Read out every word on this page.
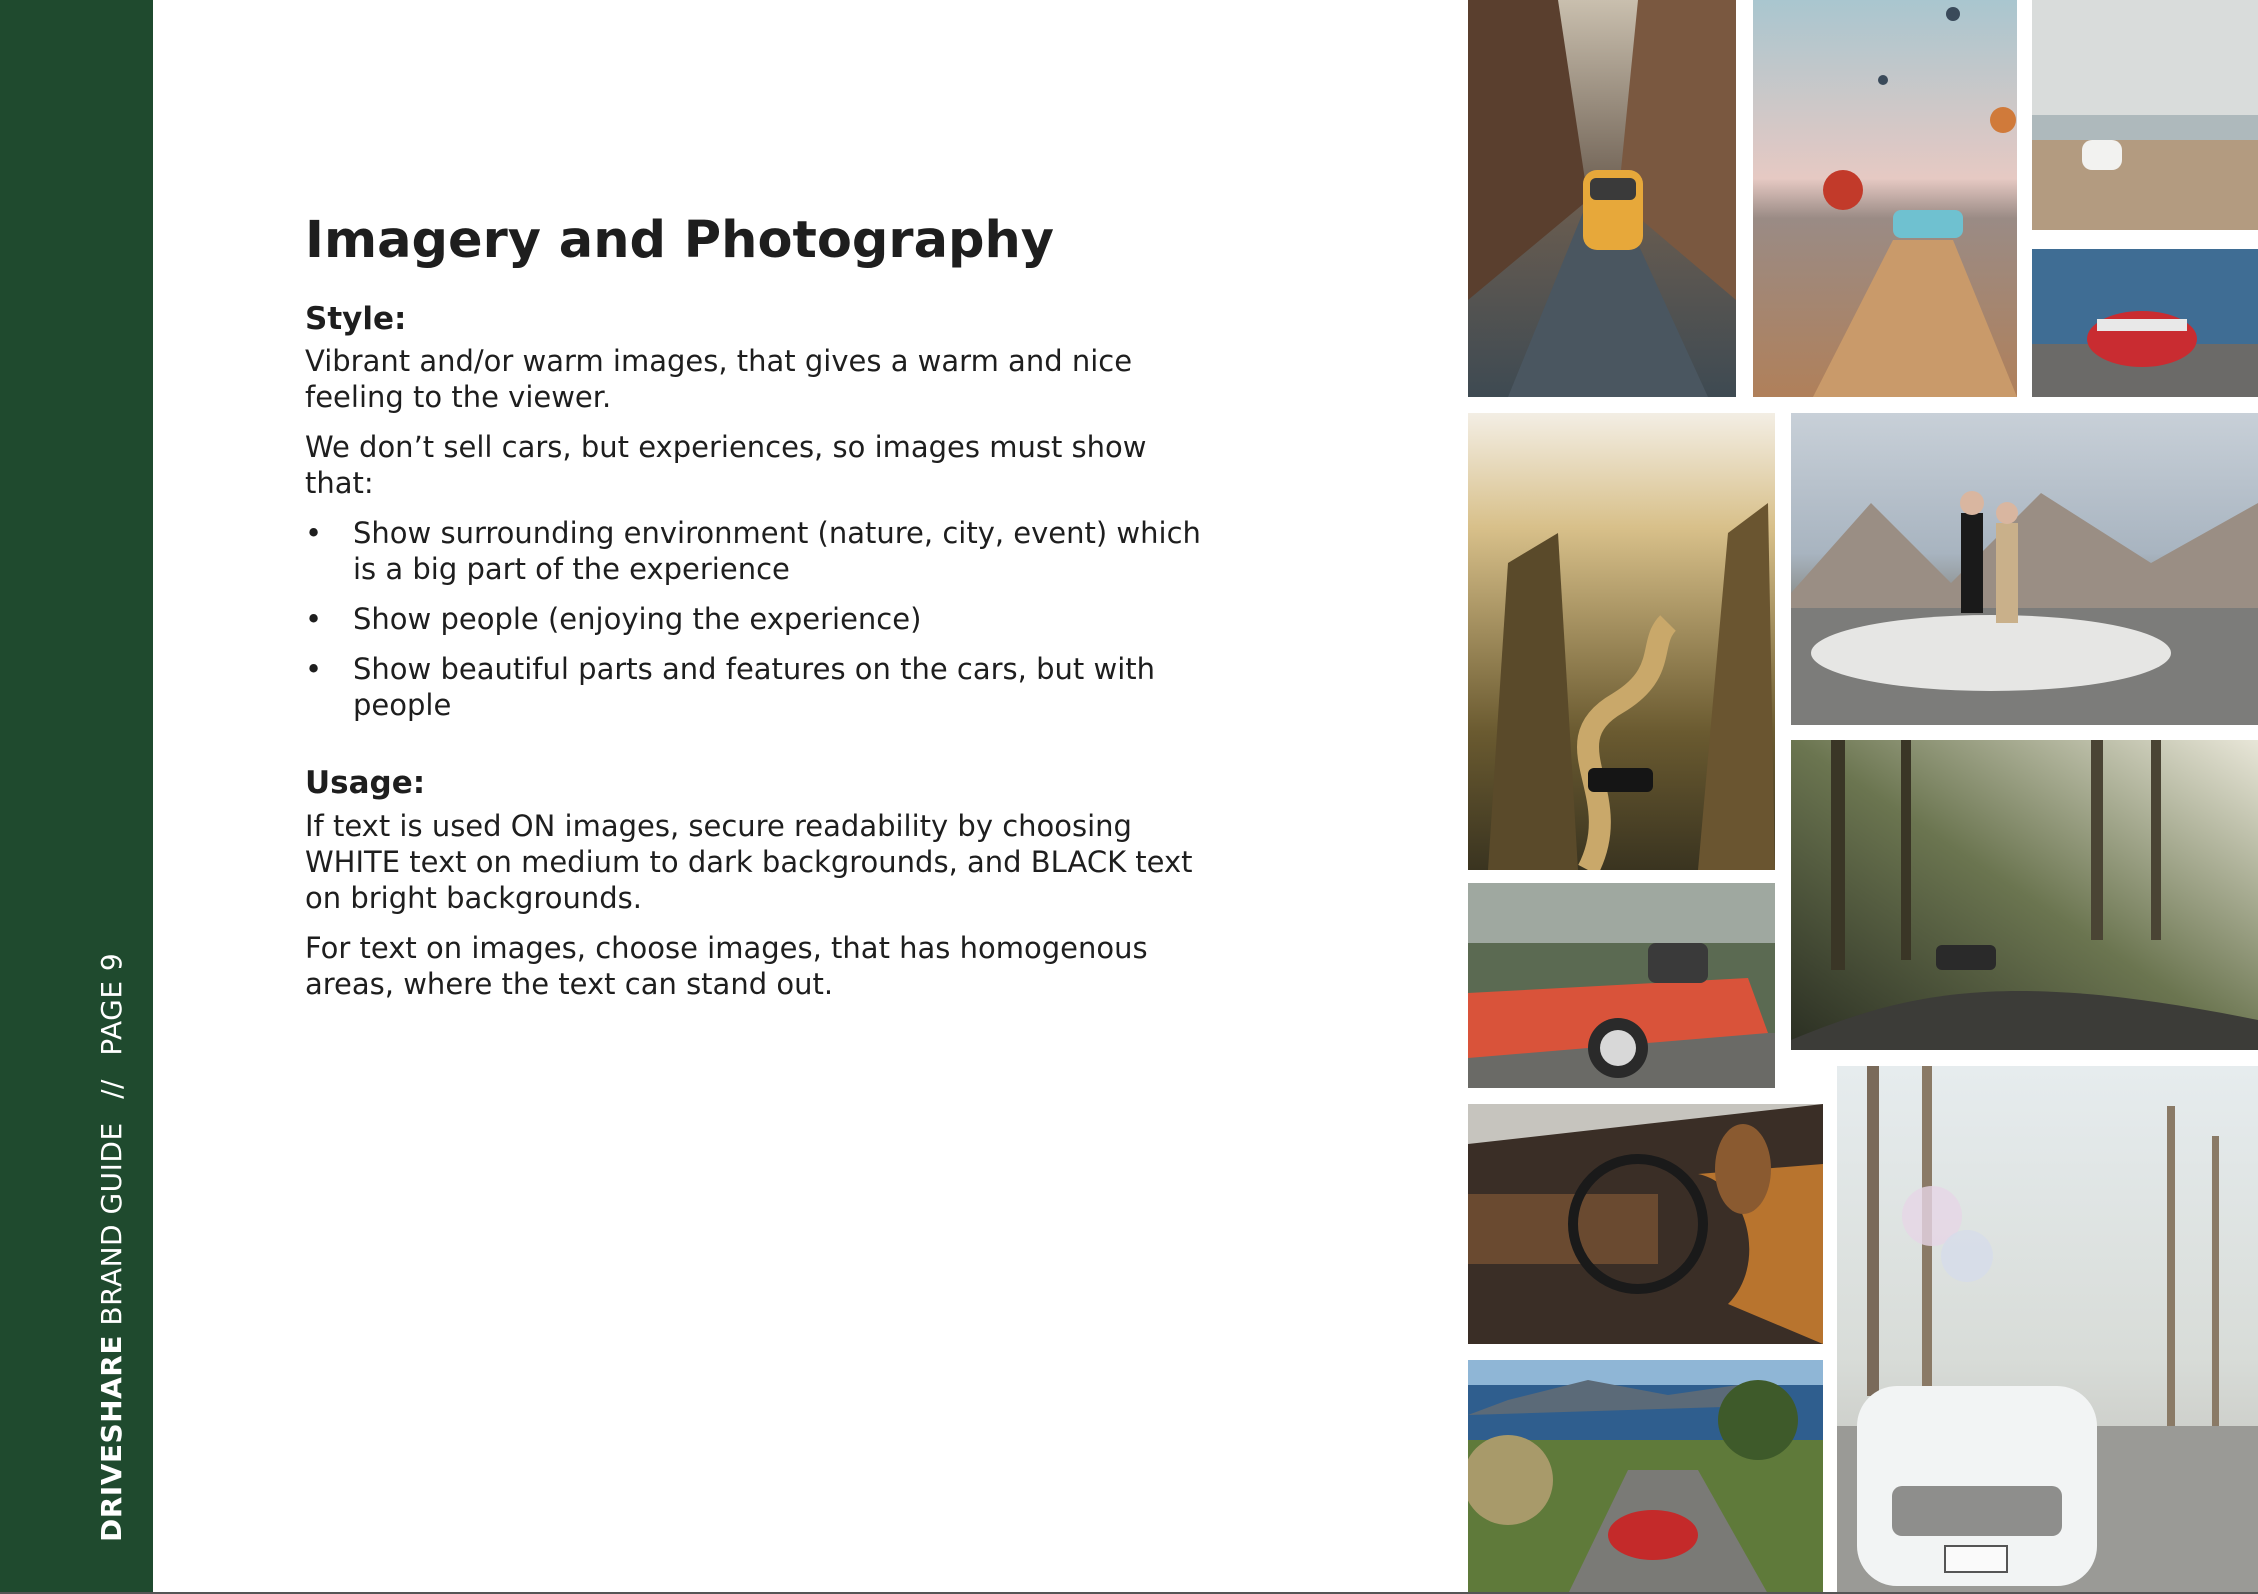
DRIVESHARE BRAND GUIDE // PAGE 9
Imagery and Photography
Style:

Vibrant and/or warm images, that gives a warm and nice feeling to the viewer.

We don’t sell cars, but experiences, so images must show that:

• Show surrounding environment (nature, city, event) which is a big part of the experience
• Show people (enjoying the experience)
• Show beautiful parts and features on the cars, but with people
Usage:

If text is used ON images, secure readability by choosing WHITE text on medium to dark backgrounds, and BLACK text on bright backgrounds.

For text on images, choose images, that has homogenous areas, where the text can stand out.
